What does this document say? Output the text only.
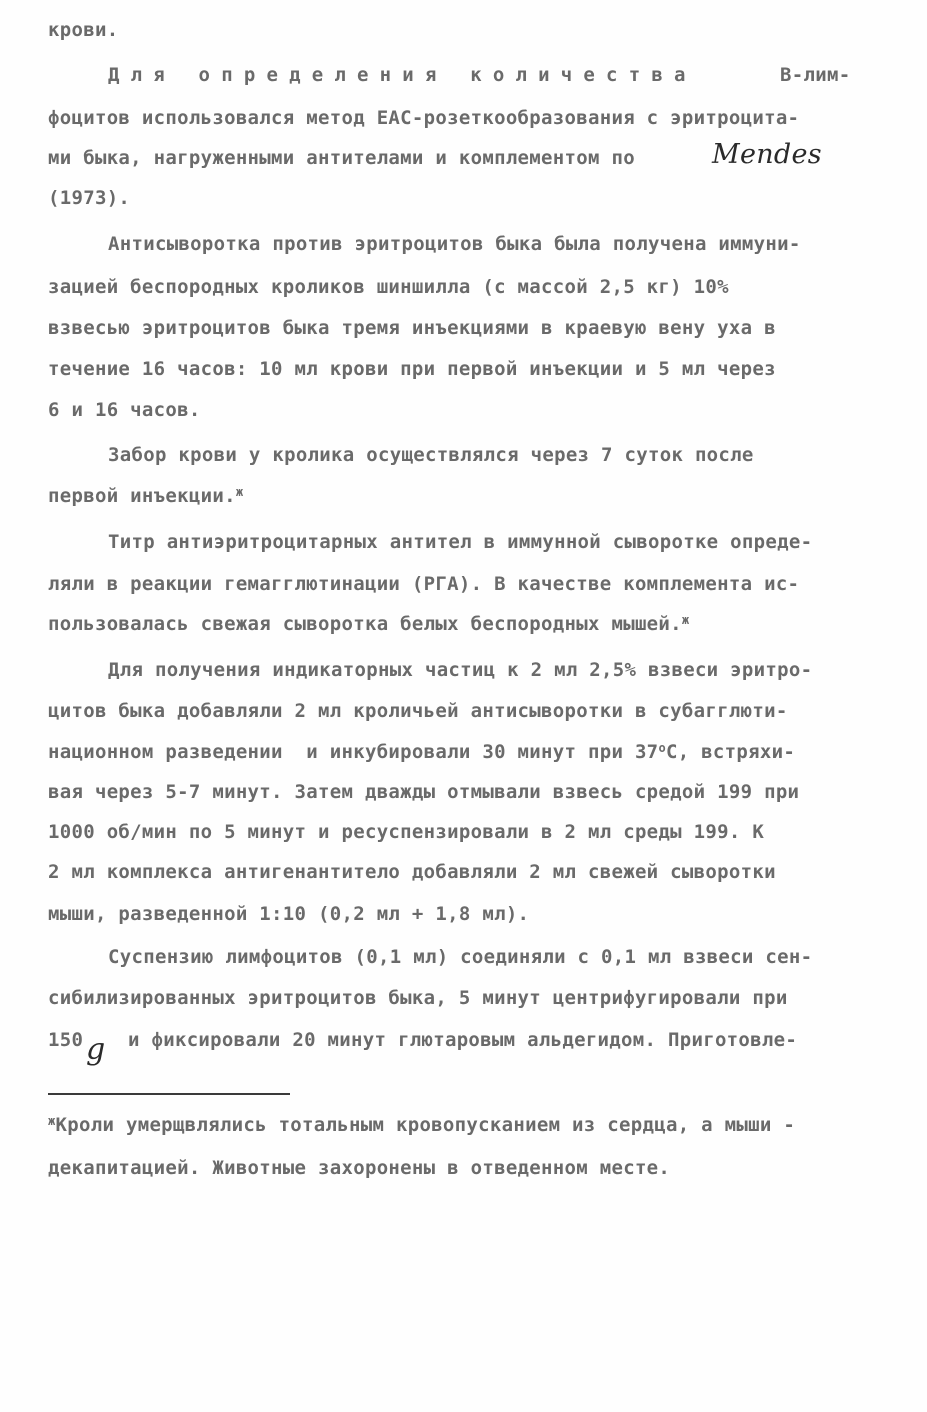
крови.
Для определения количества	В-лим-
фоцитов использовался метод ЕАС-розеткообразования с эритроцита-
ми быка, нагруженными антителами и комплементом по	Mendes
(1973).
Антисыворотка против эритроцитов быка была получена иммуни-
зацией беспородных кроликов шиншилла (с массой 2,5 кг) 10%
взвесью эритроцитов быка тремя инъекциями в краевую вену уха в
течение 16 часов: 10 мл крови при первой инъекции и 5 мл через
6 и 16 часов.
Забор крови у кролика осуществлялся через 7 суток после
первой инъекции.$^ж$
Титр антиэритроцитарных антител в иммунной сыворотке опреде-
ляли в реакции гемагглютинации (РГА). В качестве комплемента ис-
пользовалась свежая сыворотка белых беспородных мышей.$^ж$
Для получения индикаторных частиц к 2 мл 2,5% взвеси эритро-
цитов быка добавляли 2 мл кроличьей антисыворотки в субагглюти-
национном разведении  и инкубировали 30 минут при 37$^o$С, встряхи-
вая через 5-7 минут. Затем дважды отмывали взвесь средой 199 при
1000 об/мин по 5 минут и ресуспензировали в 2 мл среды 199. К
2 мл комплекса антигенантитело добавляли 2 мл свежей сыворотки
мыши, разведенной 1:10 (0,2 мл + 1,8 мл).
Суспензию лимфоцитов (0,1 мл) соединяли с 0,1 мл взвеси сен-
сибилизированных эритроцитов быка, 5 минут центрифугировали при
150 g и фиксировали 20 минут глютаровым альдегидом. Приготовле-
$^ж$Кроли умерщвлялись тотальным кровопусканием из сердца, а мыши -
декапитацией. Животные захоронены в отведенном месте.
